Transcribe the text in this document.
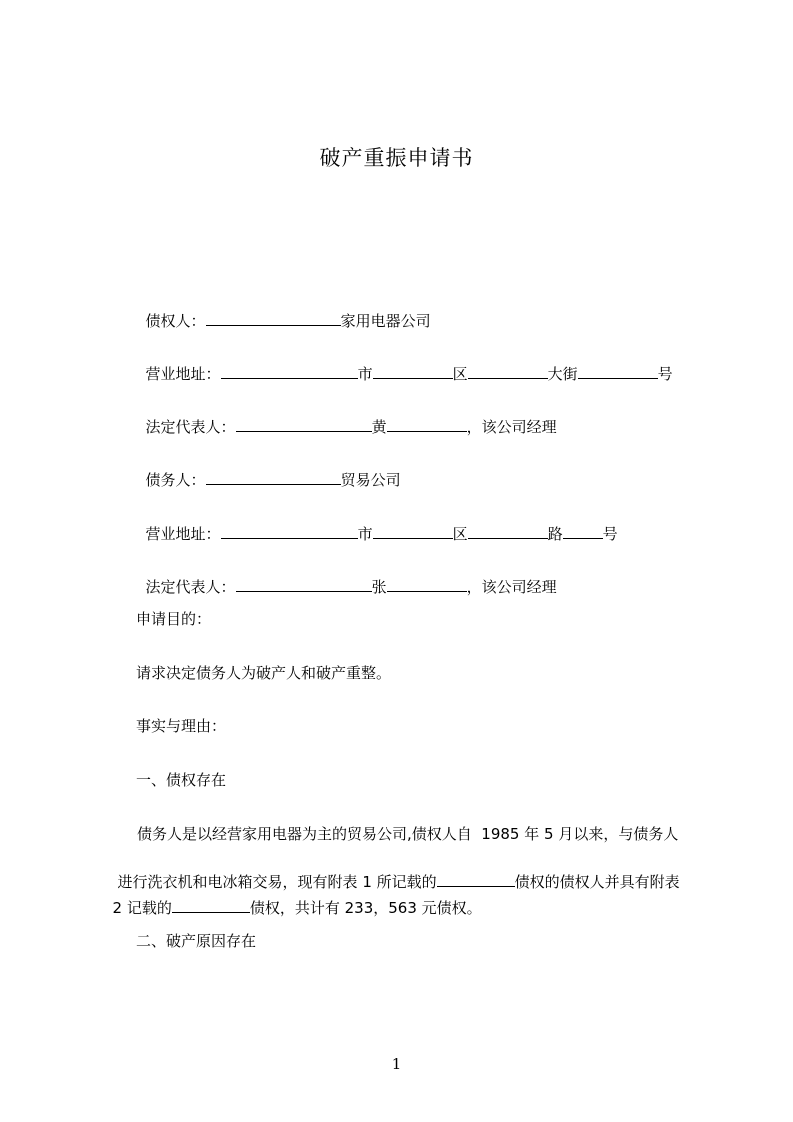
破产重振申请书

债权人：	家用电器公司

营业地址：	市	区	大街	号

法定代表人：	黄	，该公司经理

债务人：	贸易公司

营业地址：	市	区	路	号

法定代表人：	张	，该公司经理

申请目的：
请求决定债务人为破产人和破产重整。
事实与理由：
一、债权存在
债务人是以经营家用电器为主的贸易公司,债权人自  1985 年 5 月以来，与债务人

进行洗衣机和电冰箱交易，现有附表 1 所记载的	债权的债权人并具有附表

2 记载的	债权，共计有 233，563 元债权。

二、破产原因存在
1
